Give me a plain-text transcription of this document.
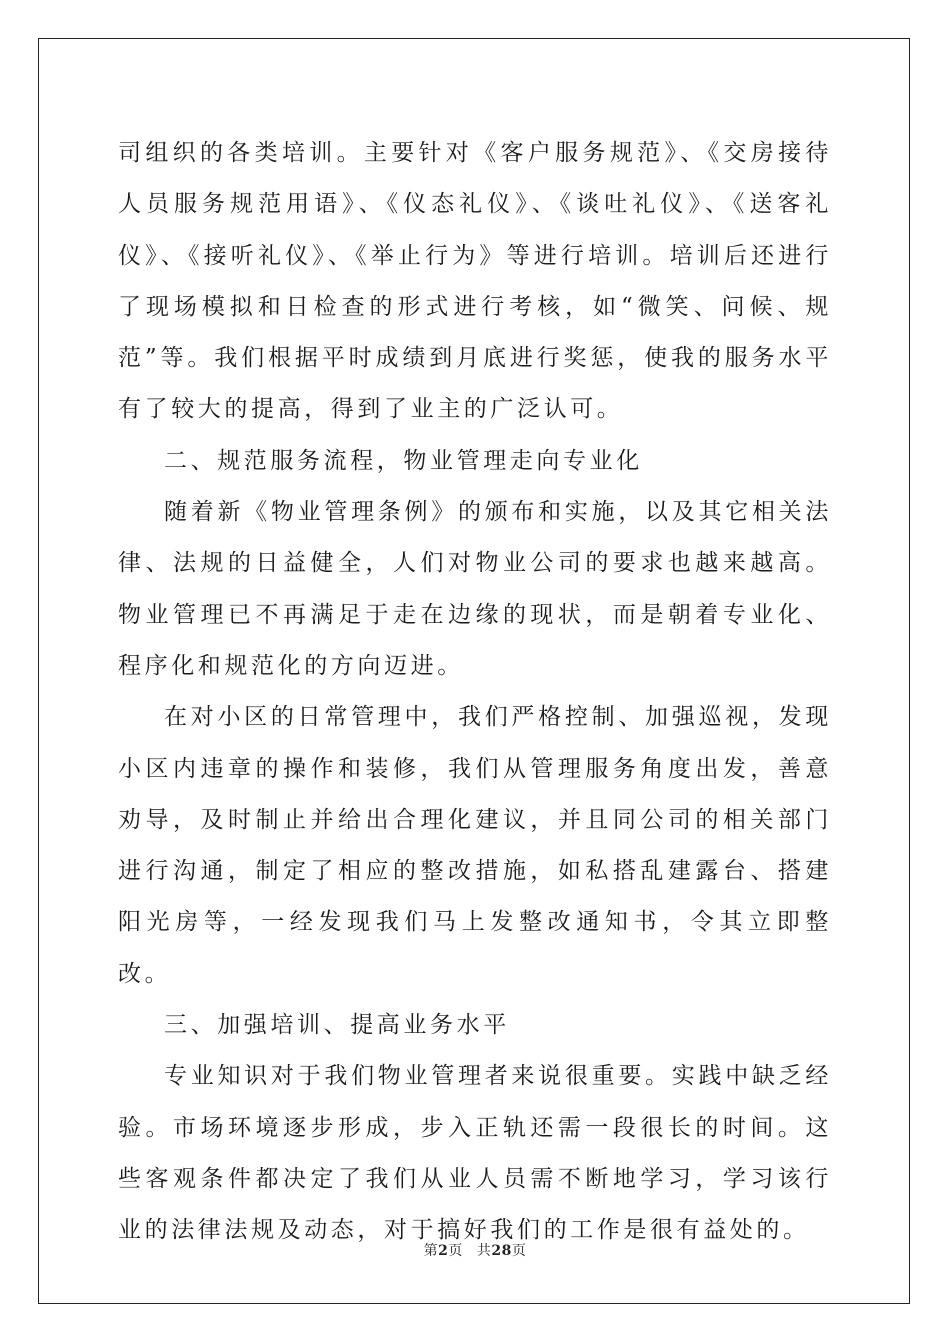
司组织的各类培训。主要针对《客户服务规范》、《交房接待人员服务规范用语》、《仪态礼仪》、《谈吐礼仪》、《送客礼仪》、《接听礼仪》、《举止行为》等进行培训。培训后还进行了现场模拟和日检查的形式进行考核，如“微笑、问候、规范”等。我们根据平时成绩到月底进行奖惩，使我的服务水平有了较大的提高，得到了业主的广泛认可。

二、规范服务流程，物业管理走向专业化

随着新《物业管理条例》的颁布和实施，以及其它相关法律、法规的日益健全，人们对物业公司的要求也越来越高。物业管理已不再满足于走在边缘的现状，而是朝着专业化、程序化和规范化的方向迈进。

在对小区的日常管理中，我们严格控制、加强巡视，发现小区内违章的操作和装修，我们从管理服务角度出发，善意劝导，及时制止并给出合理化建议，并且同公司的相关部门进行沟通，制定了相应的整改措施，如私搭乱建露台、搭建阳光房等，一经发现我们马上发整改通知书，令其立即整改。

三、加强培训、提高业务水平

专业知识对于我们物业管理者来说很重要。实践中缺乏经验。市场环境逐步形成，步入正轨还需一段很长的时间。这些客观条件都决定了我们从业人员需不断地学习，学习该行业的法律法规及动态，对于搞好我们的工作是很有益处的。

第2页 共28页
